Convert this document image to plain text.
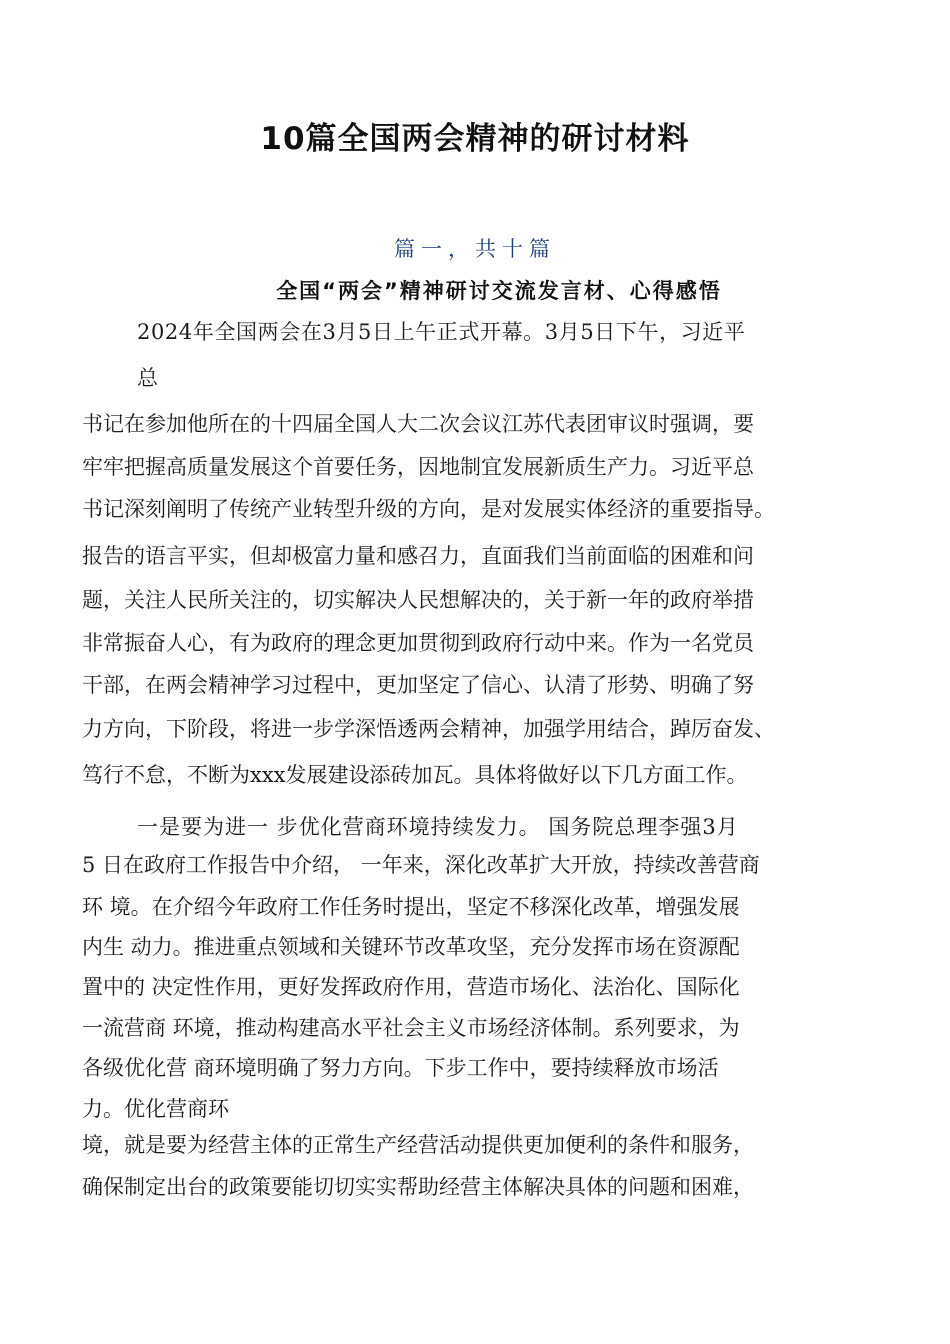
10篇全国两会精神的研讨材料
篇一，共十篇
全国“两会”精神研讨交流发言材、心得感悟
2024年全国两会在3月5日上午正式开幕。3月5日下午，习近平
总
书记在参加他所在的十四届全国人大二次会议江苏代表团审议时强调，要
牢牢把握高质量发展这个首要任务，因地制宜发展新质生产力。习近平总
书记深刻阐明了传统产业转型升级的方向，是对发展实体经济的重要指导。
报告的语言平实，但却极富力量和感召力，直面我们当前面临的困难和问
题，关注人民所关注的，切实解决人民想解决的，关于新一年的政府举措
非常振奋人心，有为政府的理念更加贯彻到政府行动中来。作为一名党员
干部，在两会精神学习过程中，更加坚定了信心、认清了形势、明确了努
力方向，下阶段，将进一步学深悟透两会精神，加强学用结合，踔厉奋发、
笃行不怠，不断为xxx发展建设添砖加瓦。具体将做好以下几方面工作。
一是要为进一 步优化营商环境持续发力。 国务院总理李强3月
5 日在政府工作报告中介绍， 一年来，深化改革扩大开放，持续改善营商
环 境。在介绍今年政府工作任务时提出，坚定不移深化改革，增强发展
内生 动力。推进重点领域和关键环节改革攻坚，充分发挥市场在资源配
置中的 决定性作用，更好发挥政府作用，营造市场化、法治化、国际化
一流营商 环境，推动构建高水平社会主义市场经济体制。系列要求，为
各级优化营 商环境明确了努力方向。下步工作中，要持续释放市场活
力。优化营商环
境，就是要为经营主体的正常生产经营活动提供更加便利的条件和服务，
确保制定出台的政策要能切切实实帮助经营主体解决具体的问题和困难，
